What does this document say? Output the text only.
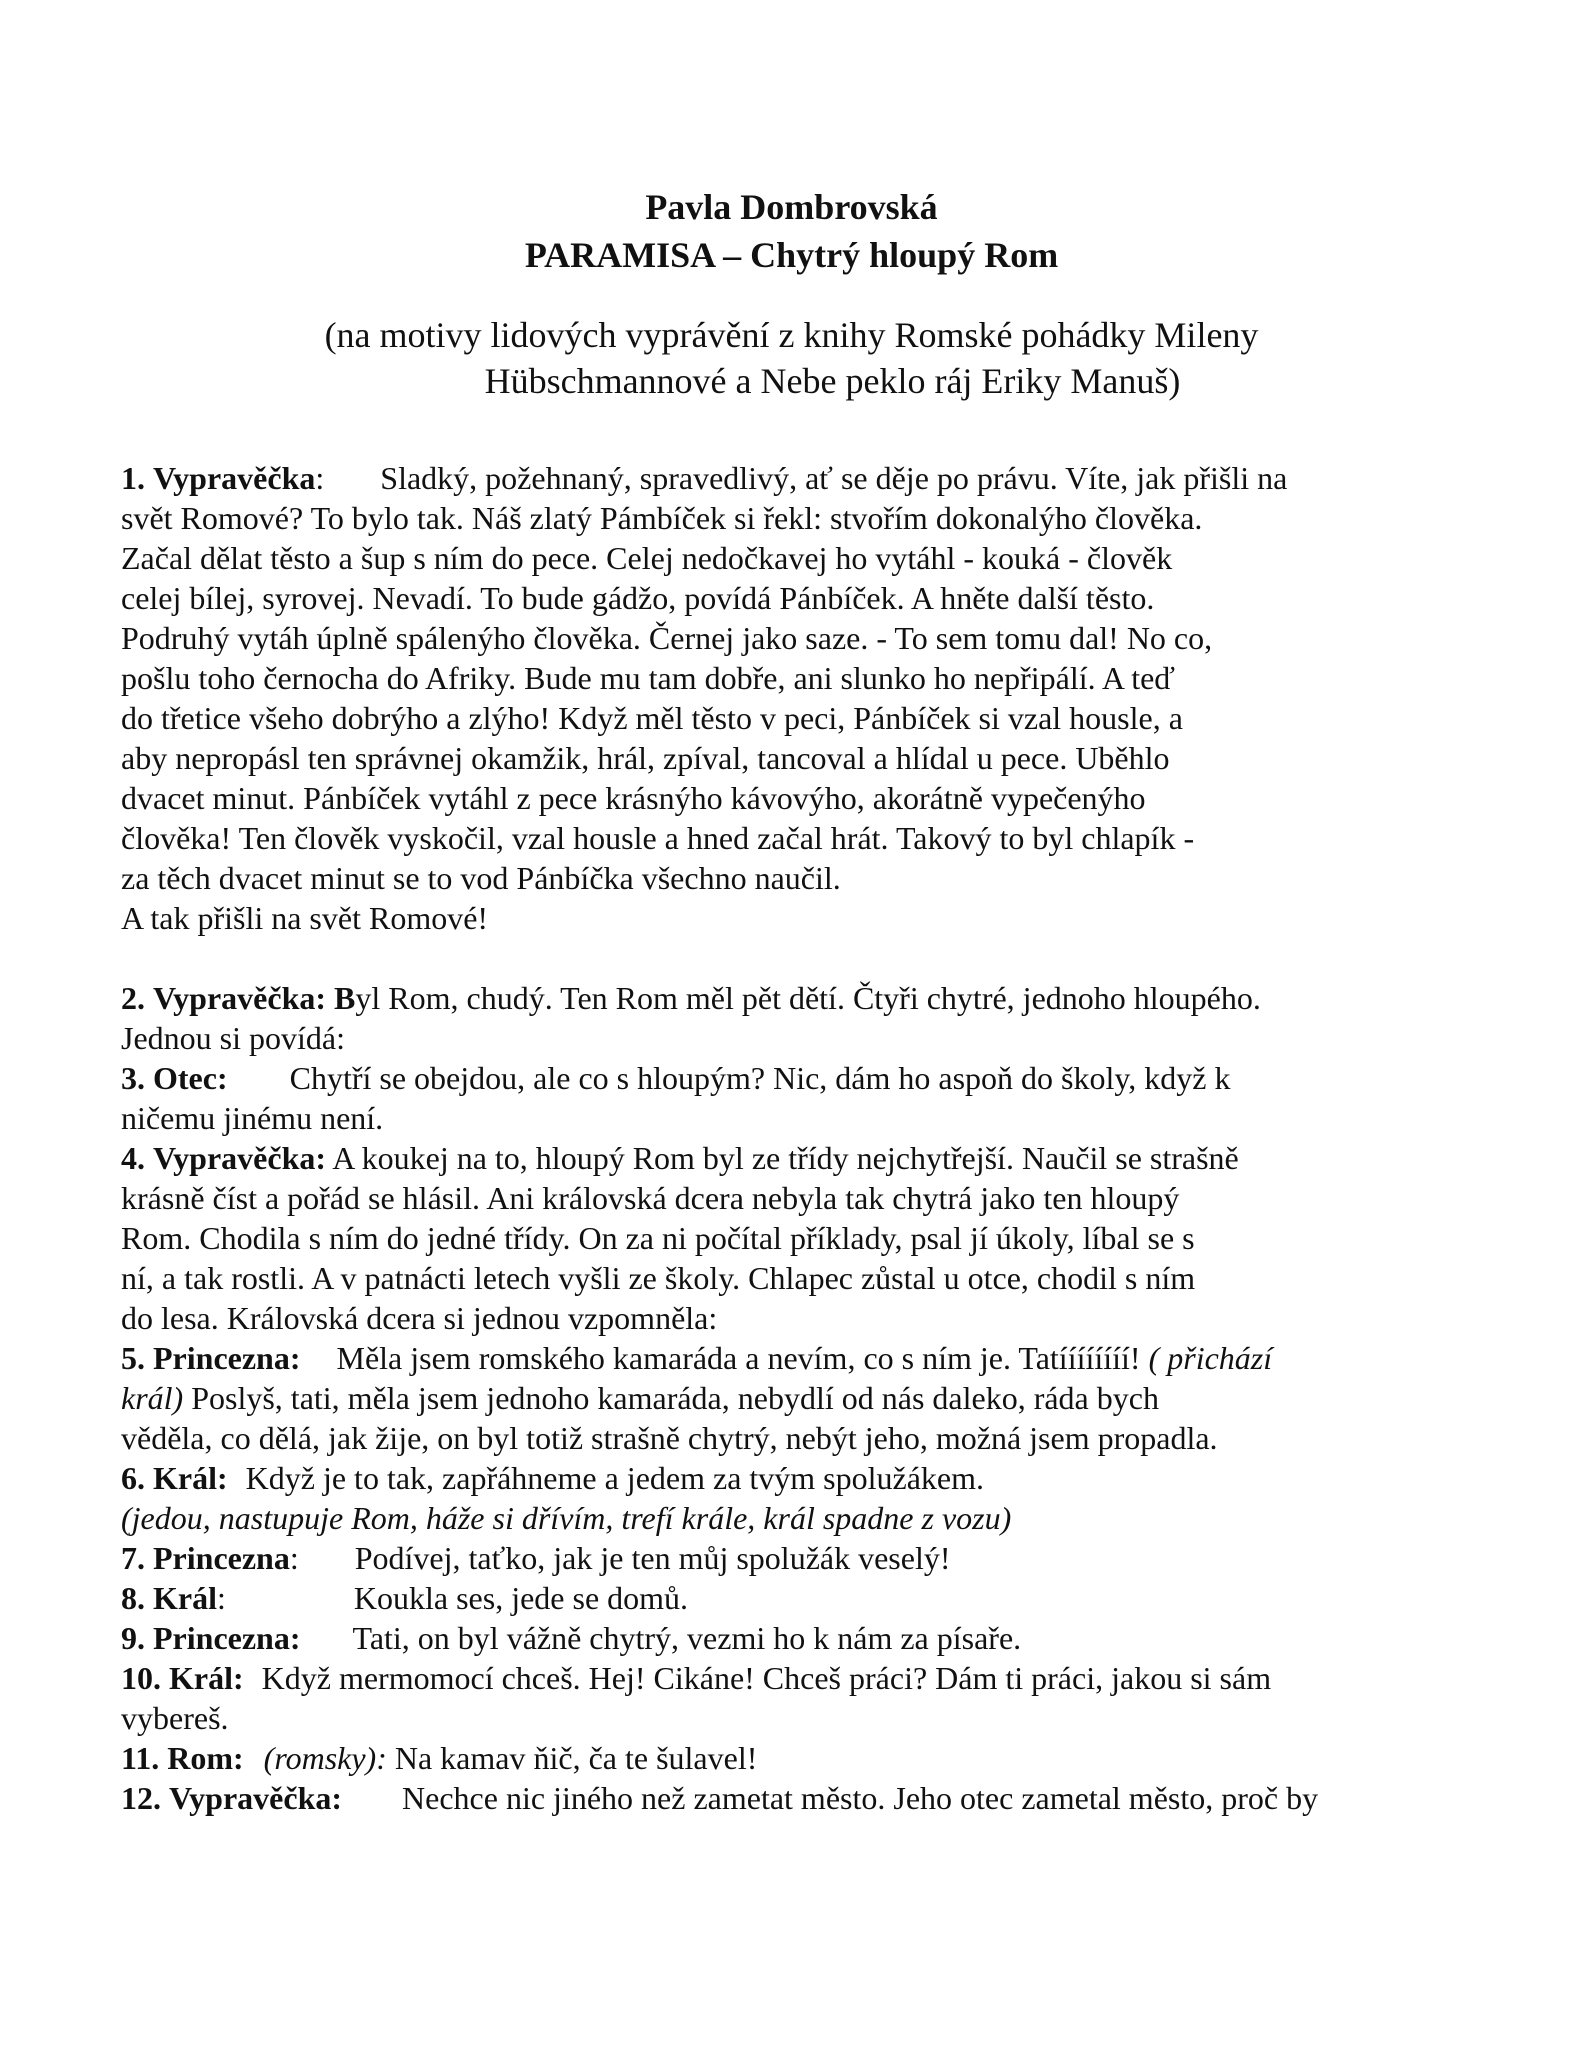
Pavla Dombrovská
PARAMISA – Chytrý hloupý Rom
(na motivy lidových vyprávění z knihy Romské pohádky Mileny
Hübschmannové a Nebe peklo ráj Eriky Manuš)
1. Vypravěčka: Sladký, požehnaný, spravedlivý, ať se děje po právu. Víte, jak přišli na
svět Romové? To bylo tak. Náš zlatý Pámbíček si řekl: stvořím dokonalýho člověka.
Začal dělat těsto a šup s ním do pece. Celej nedočkavej ho vytáhl - kouká - člověk
celej bílej, syrovej. Nevadí. To bude gádžo, povídá Pánbíček. A hněte další těsto.
Podruhý vytáh úplně spálenýho člověka. Černej jako saze. - To sem tomu dal! No co,
pošlu toho černocha do Afriky. Bude mu tam dobře, ani slunko ho nepřipálí. A teď
do třetice všeho dobrýho a zlýho! Když měl těsto v peci, Pánbíček si vzal housle, a
aby nepropásl ten správnej okamžik, hrál, zpíval, tancoval a hlídal u pece. Uběhlo
dvacet minut. Pánbíček vytáhl z pece krásnýho kávovýho, akorátně vypečenýho
člověka! Ten člověk vyskočil, vzal housle a hned začal hrát. Takový to byl chlapík -
za těch dvacet minut se to vod Pánbíčka všechno naučil.
A tak přišli na svět Romové!
2. Vypravěčka: Byl Rom, chudý. Ten Rom měl pět dětí. Čtyři chytré, jednoho hloupého.
Jednou si povídá:
3. Otec: Chytří se obejdou, ale co s hloupým? Nic, dám ho aspoň do školy, když k
ničemu jinému není.
4. Vypravěčka: A koukej na to, hloupý Rom byl ze třídy nejchytřejší. Naučil se strašně
krásně číst a pořád se hlásil. Ani královská dcera nebyla tak chytrá jako ten hloupý
Rom. Chodila s ním do jedné třídy. On za ni počítal příklady, psal jí úkoly, líbal se s
ní, a tak rostli. A v patnácti letech vyšli ze školy. Chlapec zůstal u otce, chodil s ním
do lesa. Královská dcera si jednou vzpomněla:
5. Princezna: Měla jsem romského kamaráda a nevím, co s ním je. Tatíííííííí! ( přichází
král) Poslyš, tati, měla jsem jednoho kamaráda, nebydlí od nás daleko, ráda bych
věděla, co dělá, jak žije, on byl totiž strašně chytrý, nebýt jeho, možná jsem propadla.
6. Král: Když je to tak, zapřáhneme a jedem za tvým spolužákem.
(jedou, nastupuje Rom, háže si dřívím, trefí krále, král spadne z vozu)
7. Princezna: Podívej, taťko, jak je ten můj spolužák veselý!
8. Král:	Koukla ses, jede se domů.
9. Princezna: Tati, on byl vážně chytrý, vezmi ho k nám za písaře.
10. Král: Když mermomocí chceš. Hej! Cikáne! Chceš práci? Dám ti práci, jakou si sám
vybereš.
11. Rom: (romsky): Na kamav ňič, ča te šulavel!
12. Vypravěčka: Nechce nic jiného než zametat město. Jeho otec zametal město, proč by
